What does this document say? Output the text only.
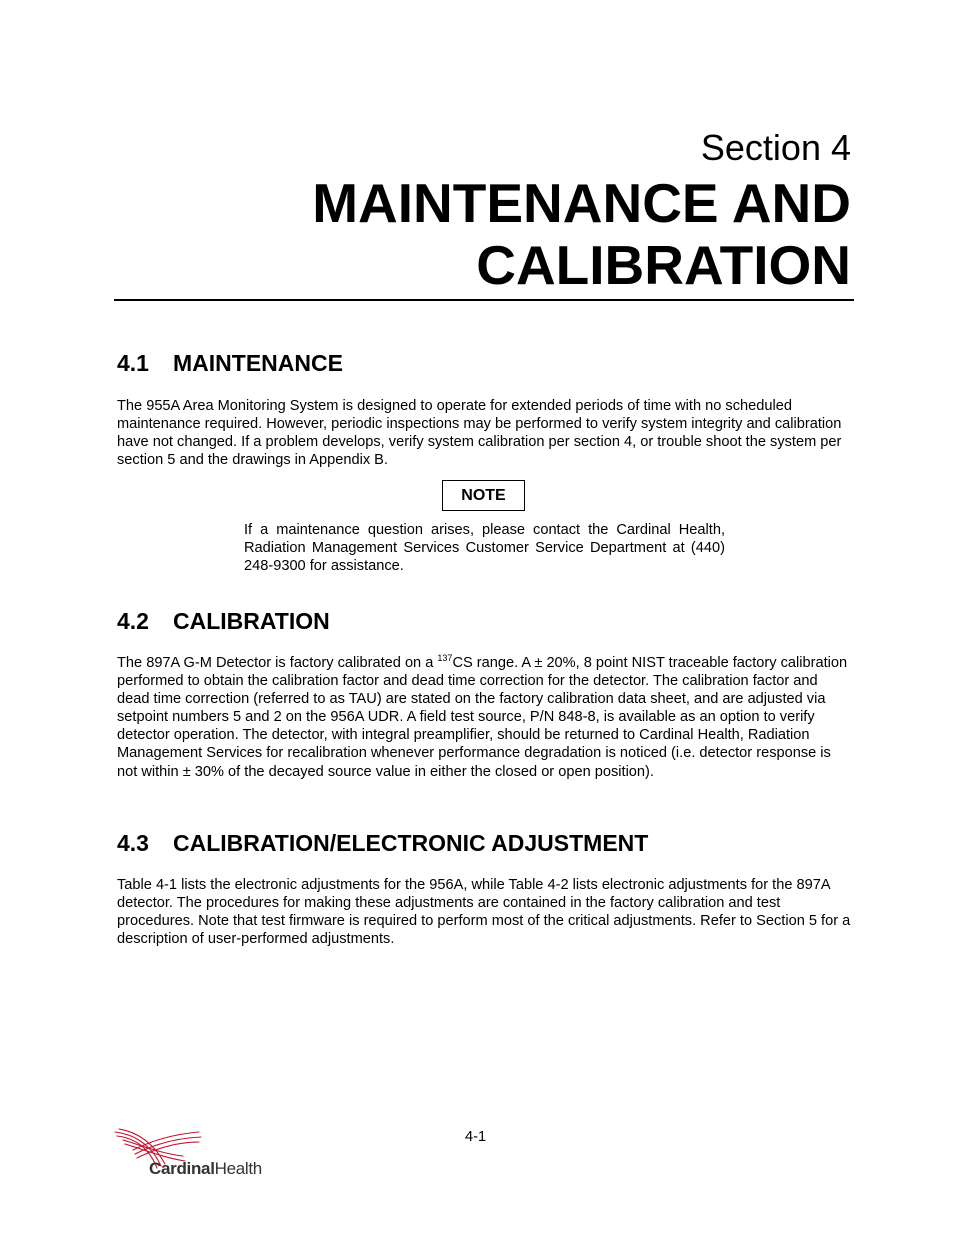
Section 4
MAINTENANCE AND
CALIBRATION
4.1 MAINTENANCE
The 955A Area Monitoring System is designed to operate for extended periods of time with no scheduled maintenance required. However, periodic inspections may be performed to verify system integrity and calibration have not changed. If a problem develops, verify system calibration per section 4, or trouble shoot the system per section 5 and the drawings in Appendix B.
NOTE
If a maintenance question arises, please contact the Cardinal Health, Radiation Management Services Customer Service Department at (440) 248-9300 for assistance.
4.2 CALIBRATION
The 897A G-M Detector is factory calibrated on a $^{137}$CS range. A ± 20%, 8 point NIST traceable factory calibration performed to obtain the calibration factor and dead time correction for the detector. The calibration factor and dead time correction (referred to as TAU) are stated on the factory calibration data sheet, and are adjusted via setpoint numbers 5 and 2 on the 956A UDR. A field test source, P/N 848-8, is available as an option to verify detector operation. The detector, with integral preamplifier, should be returned to Cardinal Health, Radiation Management Services for recalibration whenever performance degradation is noticed (i.e. detector response is not within ± 30% of the decayed source value in either the closed or open position).
4.3 CALIBRATION/ELECTRONIC ADJUSTMENT
Table 4-1 lists the electronic adjustments for the 956A, while Table 4-2 lists electronic adjustments for the 897A detector. The procedures for making these adjustments are contained in the factory calibration and test procedures. Note that test firmware is required to perform most of the critical adjustments. Refer to Section 5 for a description of user-performed adjustments.
4-1
CardinalHealth
